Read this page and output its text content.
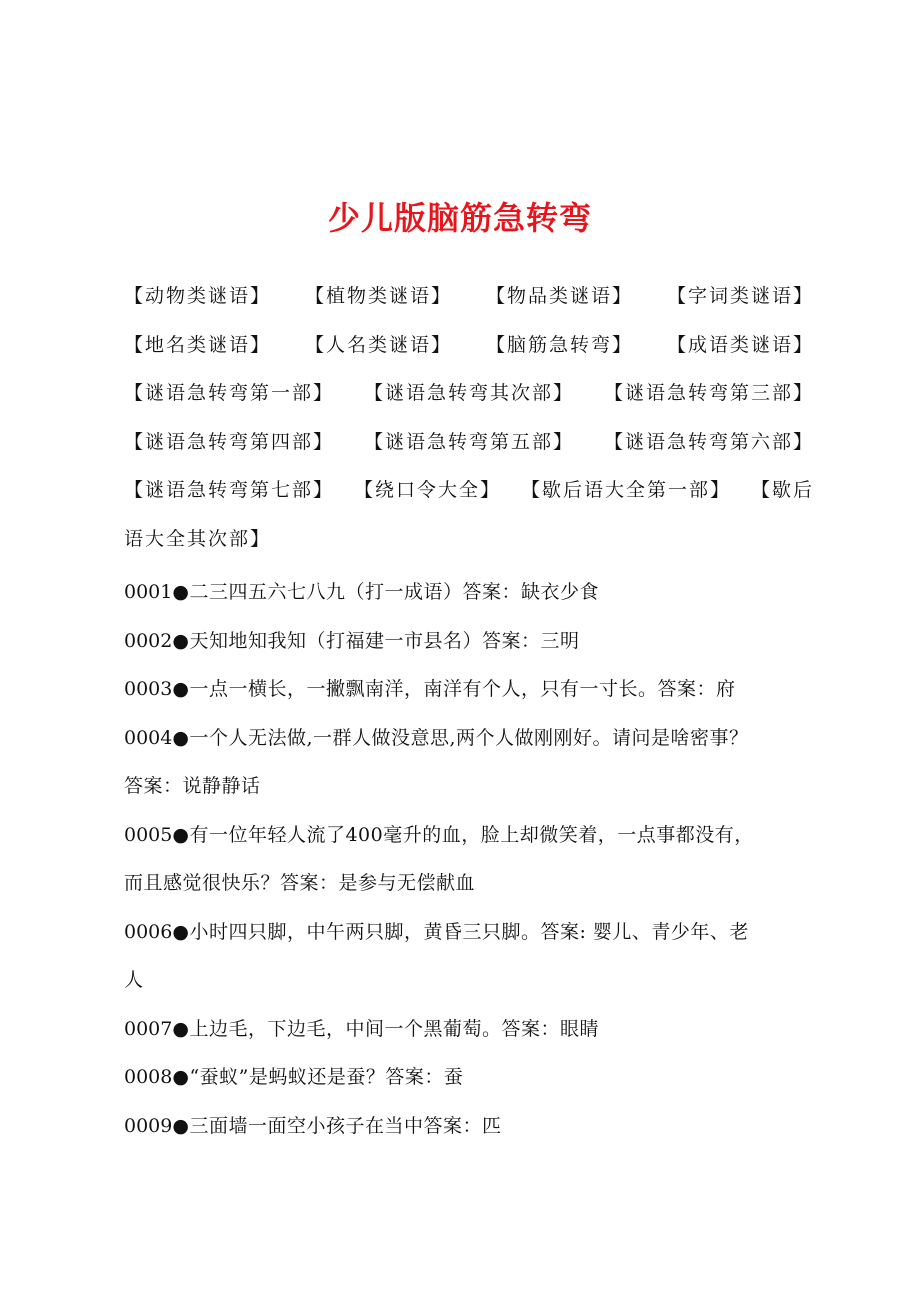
少儿版脑筋急转弯
【动物类谜语】 【植物类谜语】 【物品类谜语】 【字词类谜语】
【地名类谜语】 【人名类谜语】 【脑筋急转弯】 【成语类谜语】
【谜语急转弯第一部】 【谜语急转弯其次部】 【谜语急转弯第三部】
【谜语急转弯第四部】 【谜语急转弯第五部】 【谜语急转弯第六部】
【谜语急转弯第七部】 【绕口令大全】 【歇后语大全第一部】 【歇后
语大全其次部】
0001●二三四五六七八九（打一成语）答案：缺衣少食
0002●天知地知我知（打福建一市县名）答案：三明
0003●一点一横长，一撇飘南洋，南洋有个人，只有一寸长。答案：府
0004●一个人无法做,一群人做没意思,两个人做刚刚好。请问是啥密事？
答案：说静静话
0005●有一位年轻人流了400毫升的血，脸上却微笑着，一点事都没有，
而且感觉很快乐？答案：是参与无偿献血
0006●小时四只脚，中午两只脚，黄昏三只脚。答案: 婴儿、青少年、老
人
0007●上边毛，下边毛，中间一个黑葡萄。答案：眼睛
0008●“蚕蚁”是蚂蚁还是蚕？答案：蚕
0009●三面墙一面空小孩子在当中答案：匹
